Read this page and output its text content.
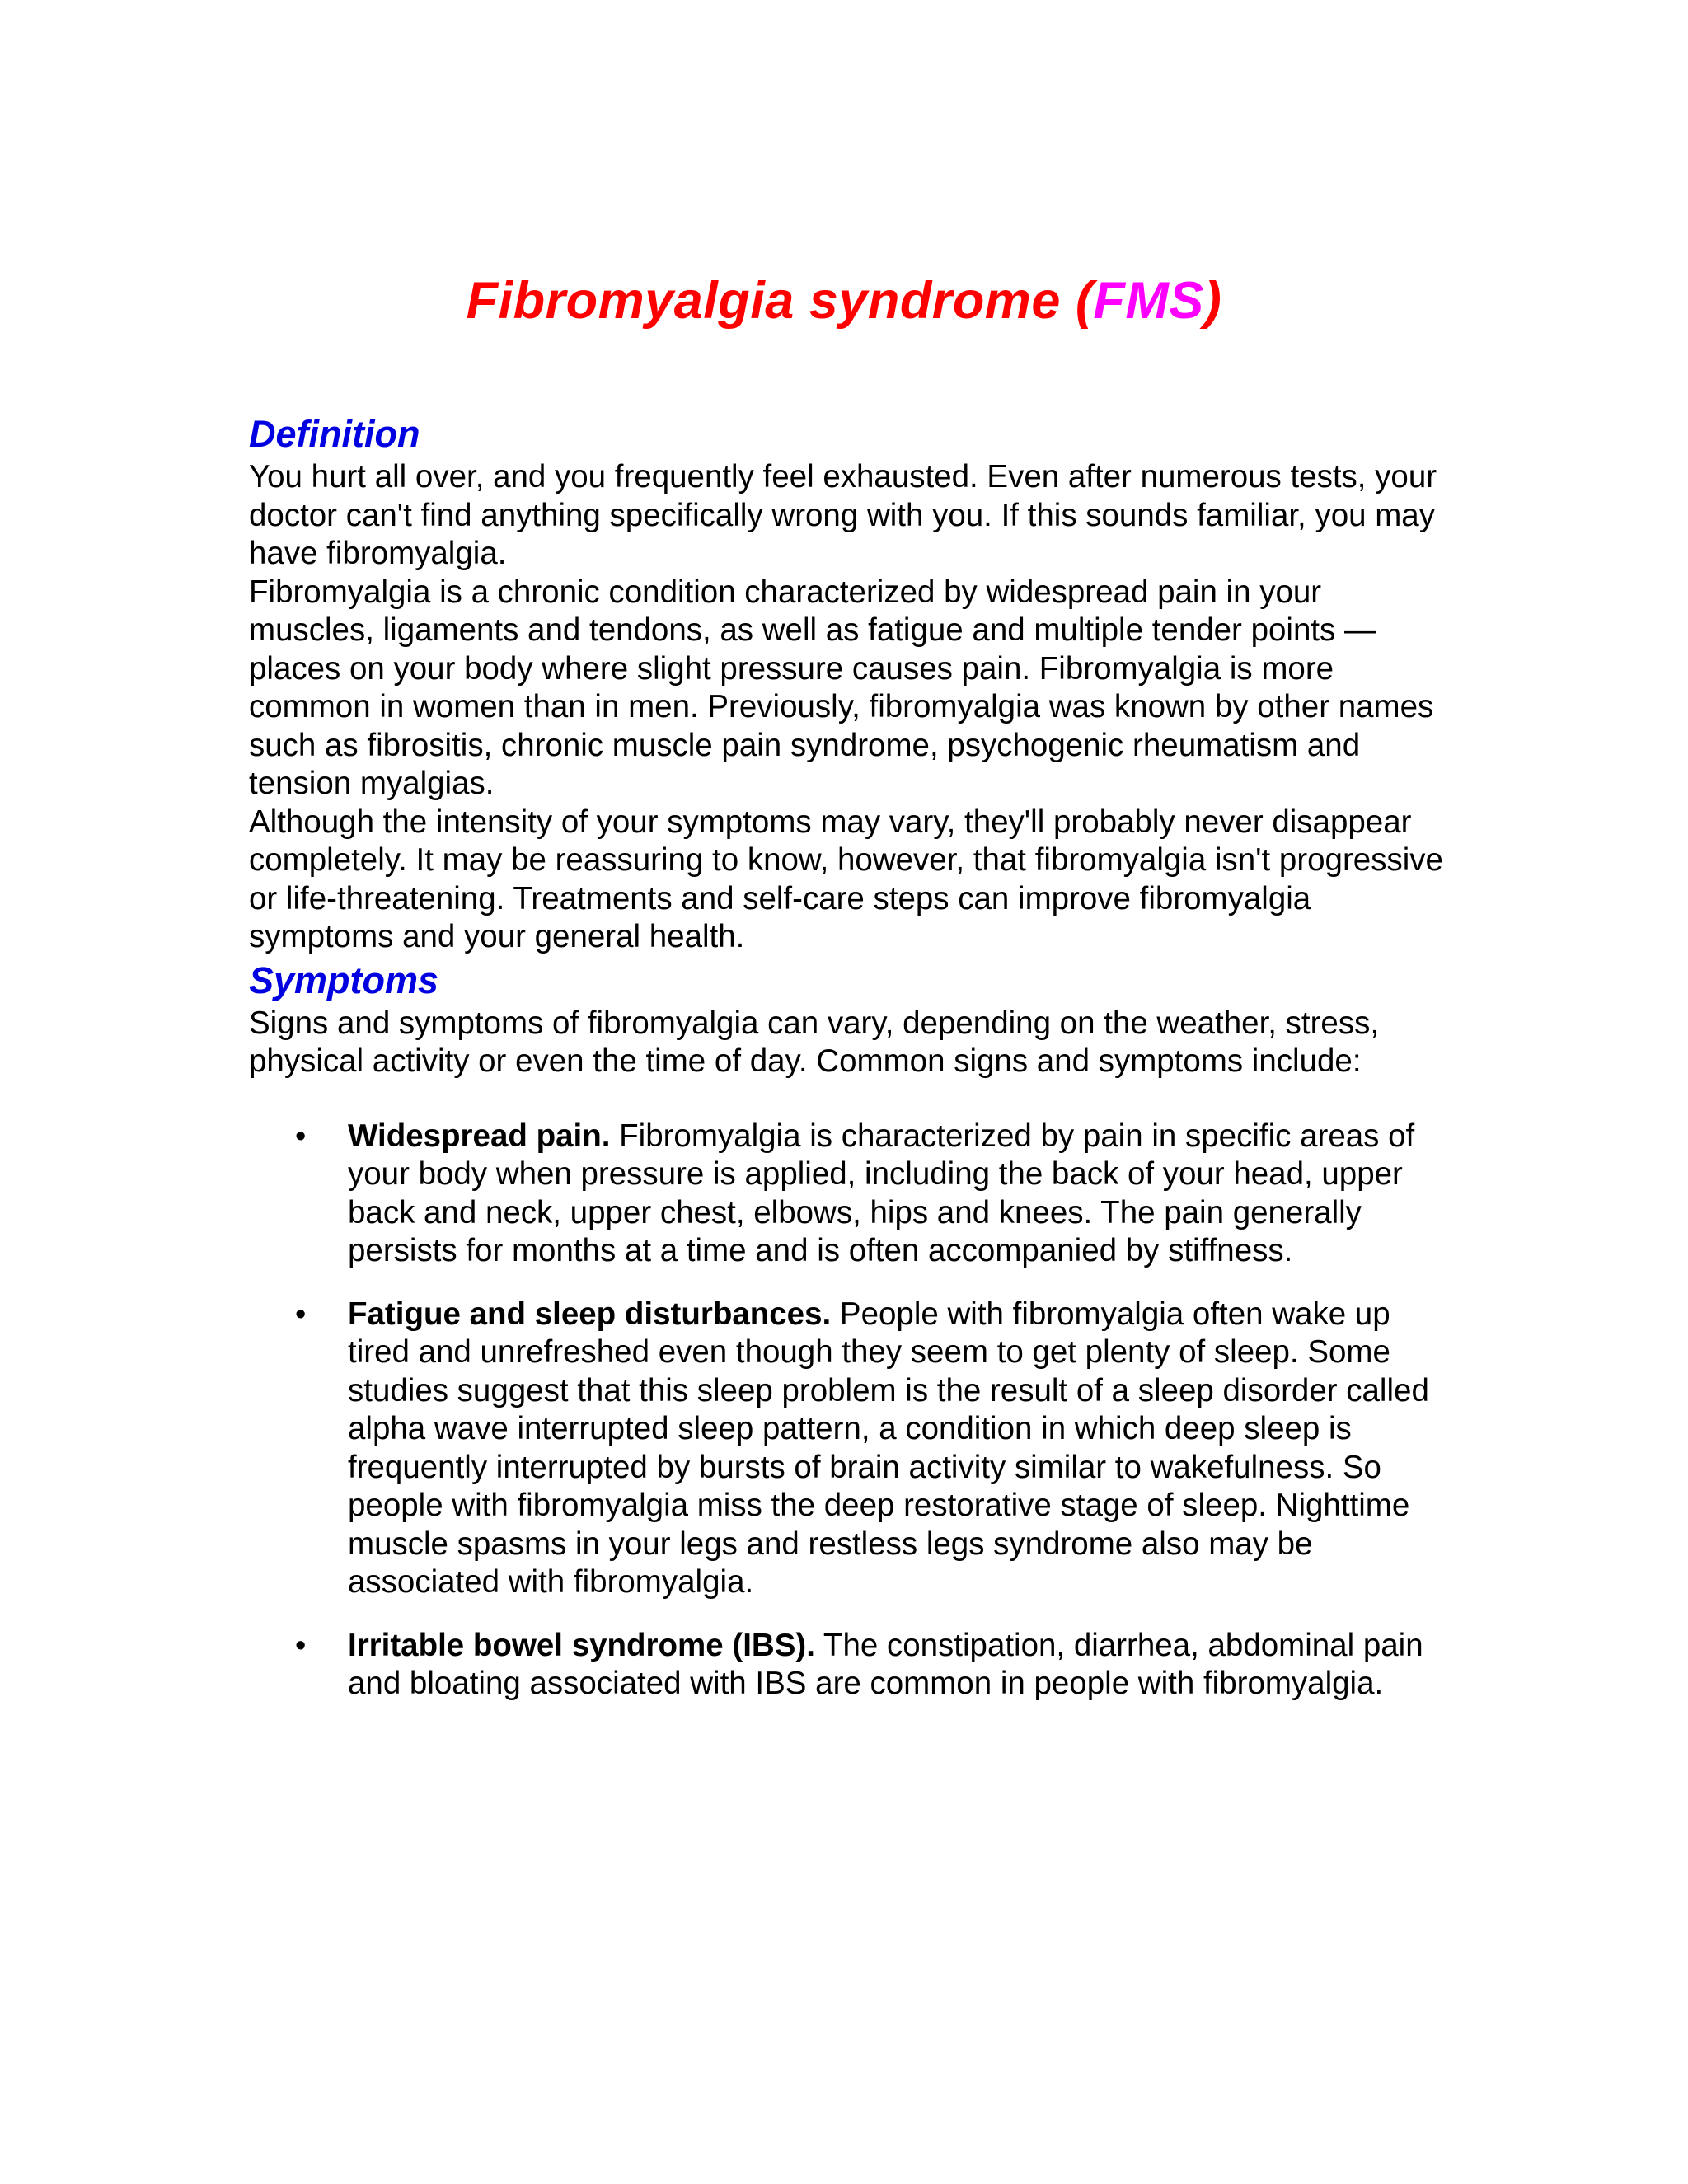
Fibromyalgia syndrome (FMS)
Definition

You hurt all over, and you frequently feel exhausted. Even after numerous tests, your doctor can't find anything specifically wrong with you. If this sounds familiar, you may have fibromyalgia.

Fibromyalgia is a chronic condition characterized by widespread pain in your muscles, ligaments and tendons, as well as fatigue and multiple tender points — places on your body where slight pressure causes pain. Fibromyalgia is more common in women than in men. Previously, fibromyalgia was known by other names such as fibrositis, chronic muscle pain syndrome, psychogenic rheumatism and tension myalgias.

Although the intensity of your symptoms may vary, they'll probably never disappear completely. It may be reassuring to know, however, that fibromyalgia isn't progressive or life-threatening. Treatments and self-care steps can improve fibromyalgia symptoms and your general health.

Symptoms

Signs and symptoms of fibromyalgia can vary, depending on the weather, stress, physical activity or even the time of day. Common signs and symptoms include:

• Widespread pain. Fibromyalgia is characterized by pain in specific areas of your body when pressure is applied, including the back of your head, upper back and neck, upper chest, elbows, hips and knees. The pain generally persists for months at a time and is often accompanied by stiffness.
• Fatigue and sleep disturbances. People with fibromyalgia often wake up tired and unrefreshed even though they seem to get plenty of sleep. Some studies suggest that this sleep problem is the result of a sleep disorder called alpha wave interrupted sleep pattern, a condition in which deep sleep is frequently interrupted by bursts of brain activity similar to wakefulness. So people with fibromyalgia miss the deep restorative stage of sleep. Nighttime muscle spasms in your legs and restless legs syndrome also may be associated with fibromyalgia.
• Irritable bowel syndrome (IBS). The constipation, diarrhea, abdominal pain and bloating associated with IBS are common in people with fibromyalgia.
